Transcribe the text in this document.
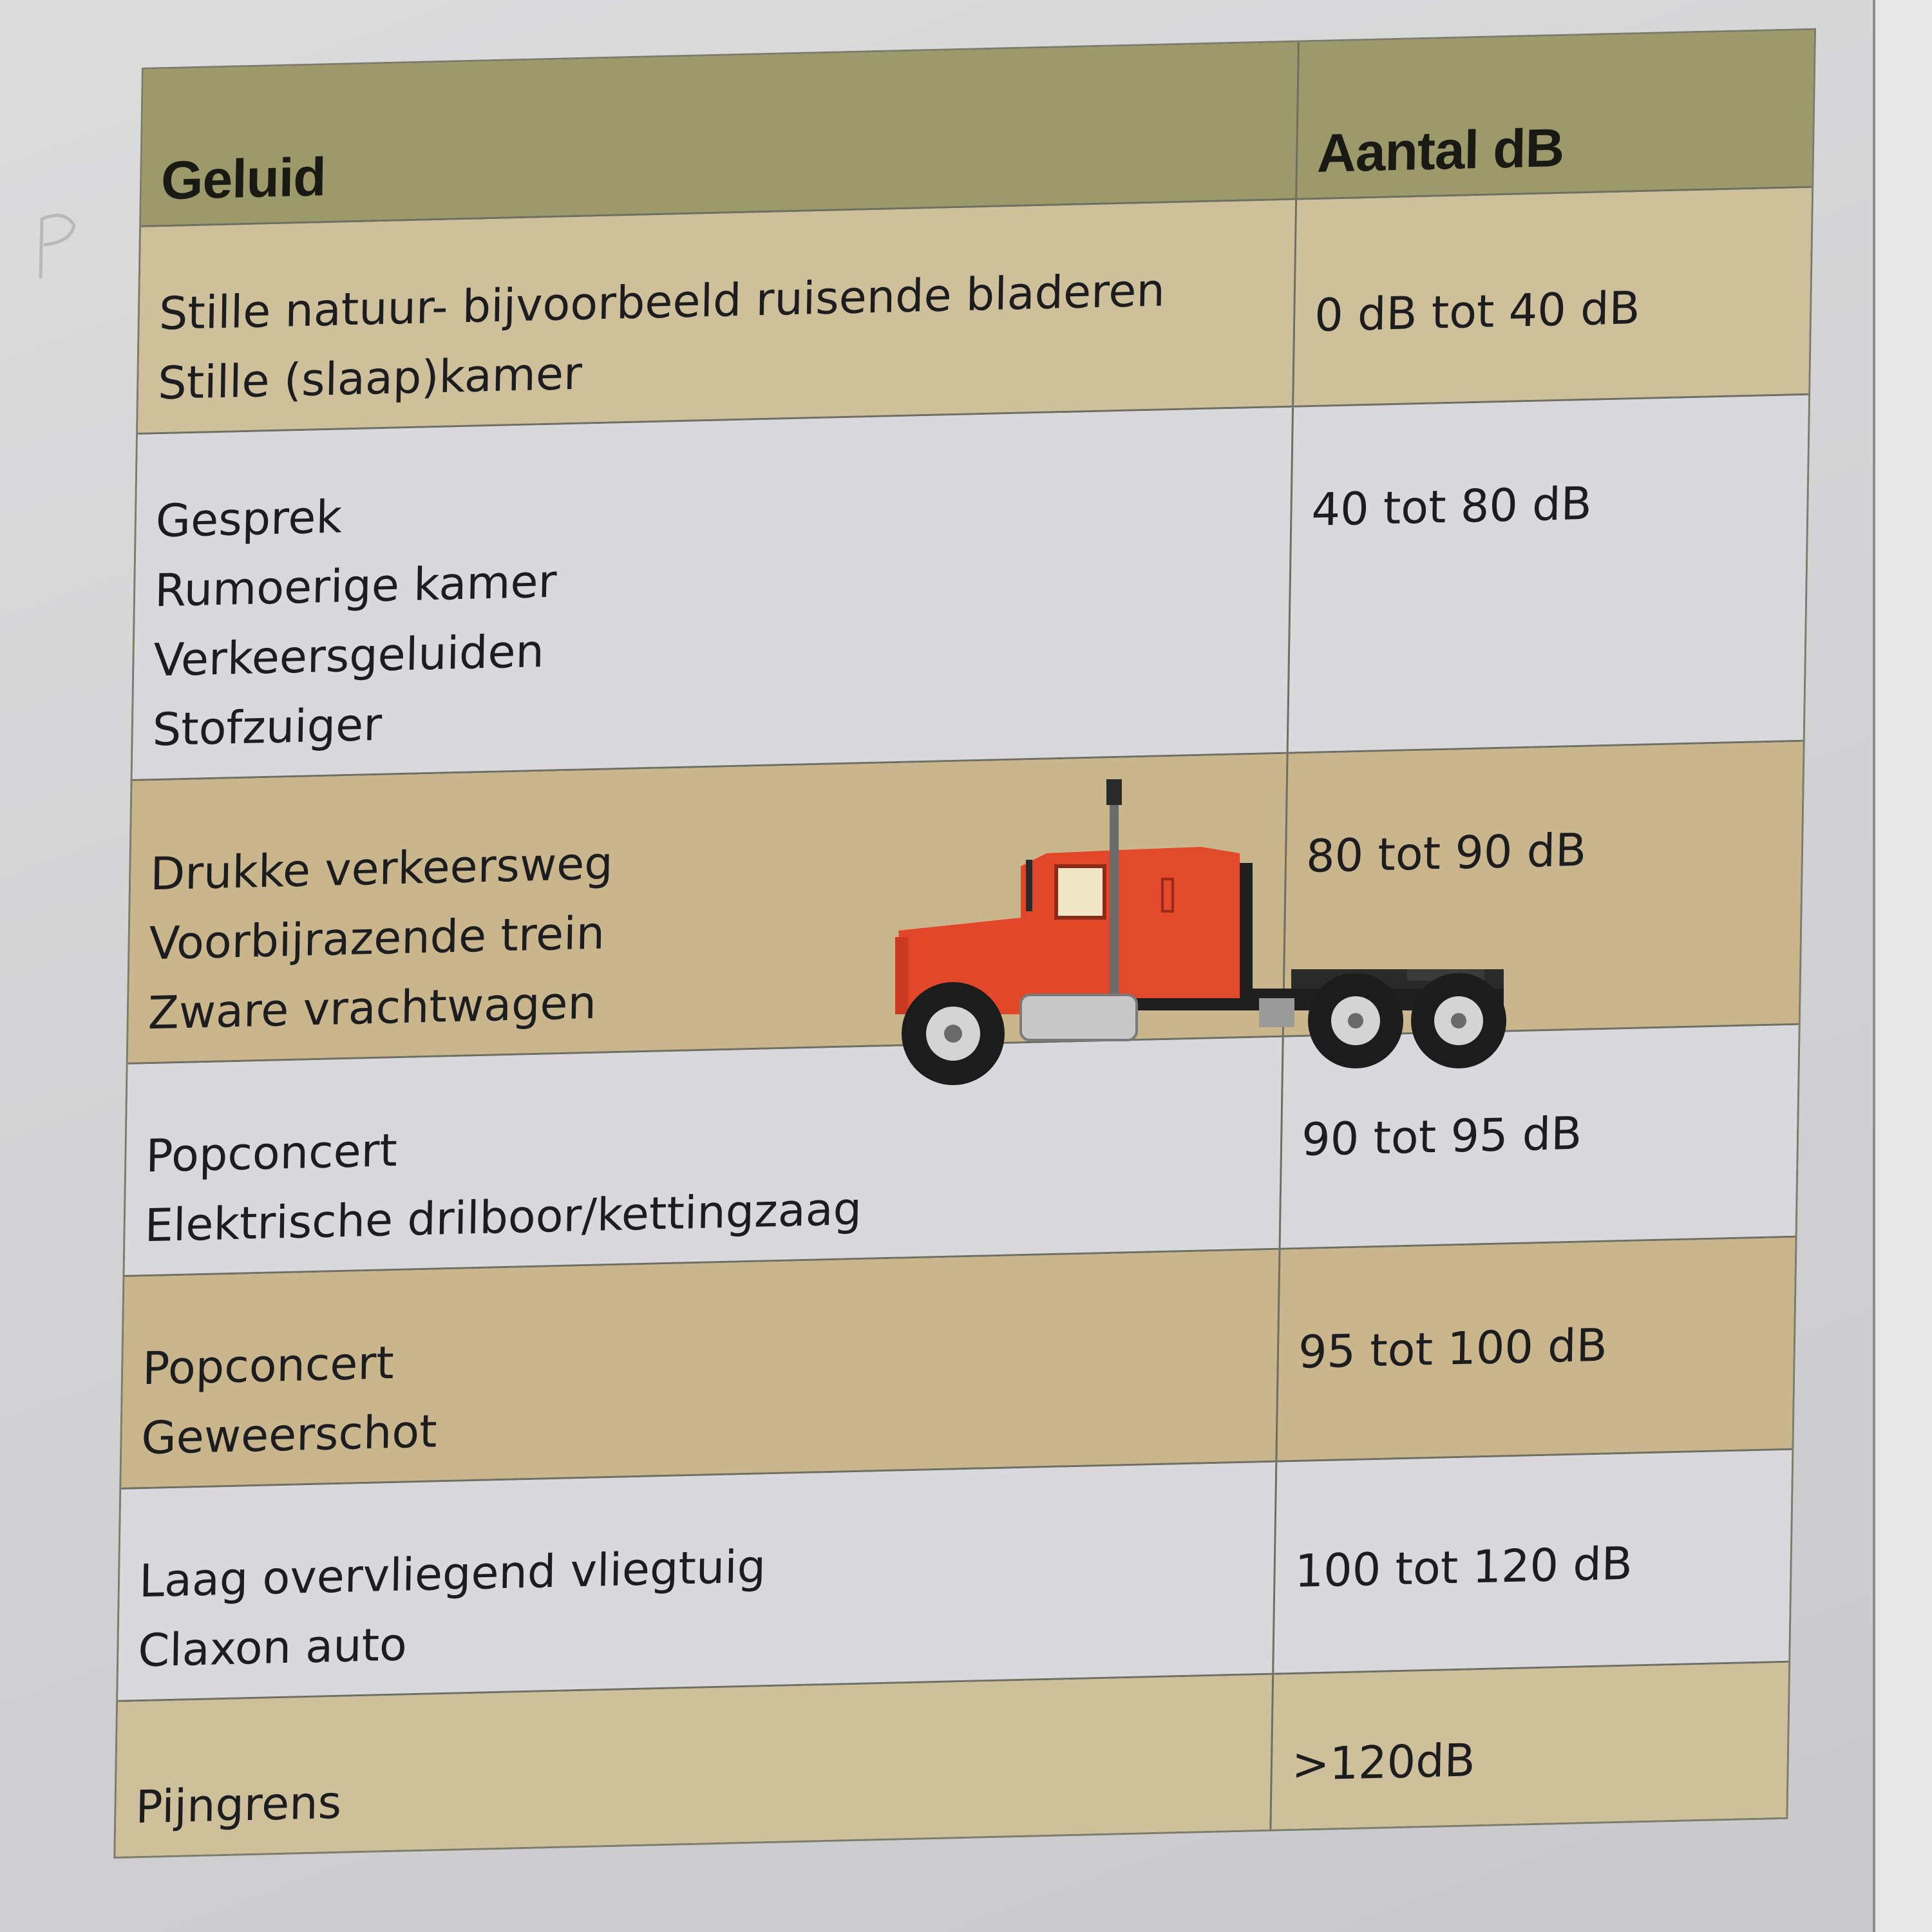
Geluid	Aantal dB
Stille natuur- bijvoorbeeld ruisende bladeren
Stille (slaap)kamer
0 dB tot 40 dB
Gesprek
Rumoerige kamer
Verkeersgeluiden
Stofzuiger
40 tot 80 dB
Drukke verkeersweg
Voorbijrazende trein
Zware vrachtwagen
80 tot 90 dB
Popconcert
Elektrische drilboor/kettingzaag
90 tot 95 dB
Popconcert
Geweerschot
95 tot 100 dB
Laag overvliegend vliegtuig
Claxon auto
100 tot 120 dB
Pijngrens
>120dB
